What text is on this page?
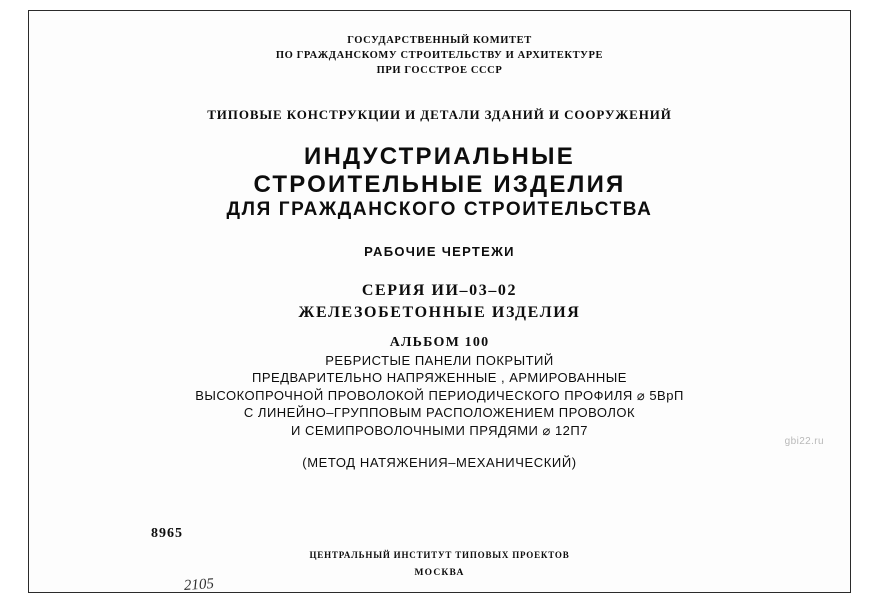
ГОСУДАРСТВЕННЫЙ КОМИТЕТ
ПО ГРАЖДАНСКОМУ СТРОИТЕЛЬСТВУ И АРХИТЕКТУРЕ
ПРИ ГОССТРОЕ СССР
ТИПОВЫЕ КОНСТРУКЦИИ И ДЕТАЛИ ЗДАНИЙ И СООРУЖЕНИЙ
ИНДУСТРИАЛЬНЫЕ
СТРОИТЕЛЬНЫЕ ИЗДЕЛИЯ
ДЛЯ ГРАЖДАНСКОГО СТРОИТЕЛЬСТВА
РАБОЧИЕ ЧЕРТЕЖИ
СЕРИЯ ИИ–03–02
ЖЕЛЕЗОБЕТОННЫЕ ИЗДЕЛИЯ
АЛЬБОМ 100
РЕБРИСТЫЕ ПАНЕЛИ ПОКРЫТИЙ
ПРЕДВАРИТЕЛЬНО НАПРЯЖЕННЫЕ , АРМИРОВАННЫЕ
ВЫСОКОПРОЧНОЙ ПРОВОЛОКОЙ ПЕРИОДИЧЕСКОГО ПРОФИЛЯ ⌀ 5ВрП
С ЛИНЕЙНО–ГРУППОВЫМ РАСПОЛОЖЕНИЕМ ПРОВОЛОК
И СЕМИПРОВОЛОЧНЫМИ ПРЯДЯМИ ⌀ 12П7
(МЕТОД НАТЯЖЕНИЯ–МЕХАНИЧЕСКИЙ)
8965
2105
ЦЕНТРАЛЬНЫЙ ИНСТИТУТ ТИПОВЫХ ПРОЕКТОВ
МОСКВА
gbi22.ru
